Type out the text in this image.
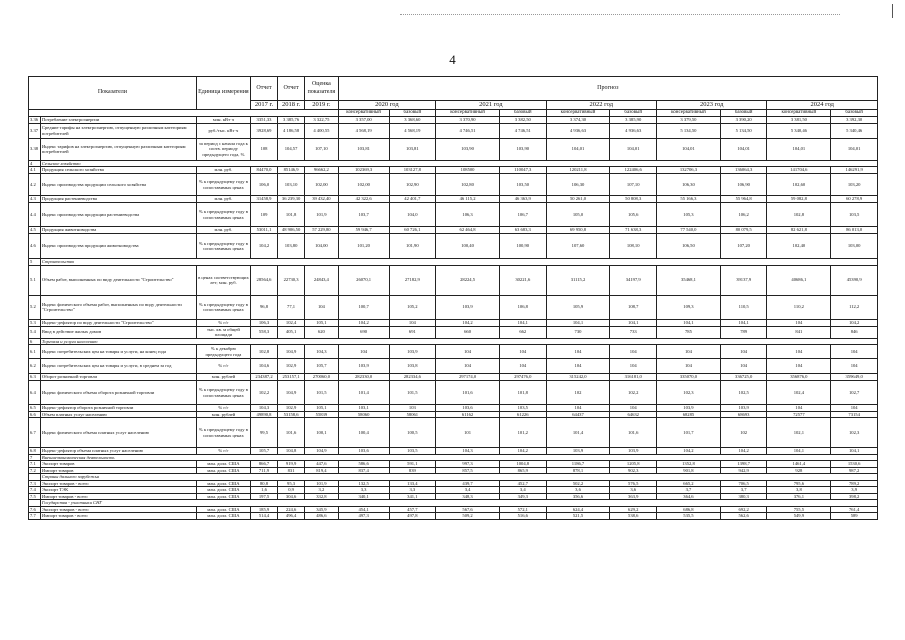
4
Показатели		Единица измерения	Отчет	Отчет	Оценка показателя	Прогноз									

			2017 г.	2018 г.	2019 г.	2020 год		2021 год		2022 год		2023 год		2024 год	
						консервативный	базовый	консервативный	базовый	консервативный	базовый	консервативный	базовый	консервативный	базовый
3.36	Потребление электроэнергии	млн. кВт·ч	3351,33	3 385,76	3 322,75	3 357,00	3 368,60	3 370,90	3 382,50	3 374,30	3 385,90	3 379,50	3 390,20	3 381,50	3 392,30
3.37	Средние тарифы на электроэнергию, отпущенную различным категориям потребителей	руб./тыс. кВт·ч	3928,69	4 186,58	4 400,55	4 568,19	4 568,19	4 746,51	4 746,51	4 936,63	4 936,63	5 134,50	5 134,50	5 340,46	5 340,46
3.38	Индекс тарифов на электроэнергию, отпущенную различным категориям потребителей	за период с начала года к соотв. периоду предыдущего года, %	108	104,57	107,10	103,81	103,81	103,90	103,90	104,01	104,01	104,01	104,01	104,01	104,01
4	Сельское хозяйство														
4.1	Продукция сельского хозяйства	млн. руб.	84470,0	85146,9	96662,2	102369,3	103127,8	108500	110047,3	120211,8	122406,6	132706,3	136064,3	141704,6	146291,9
4.2	Индекс производства продукции сельского хозяйства	% к предыдущему году в сопоставимых ценах	106,0	103,10	102,00	102,00	102,90	102,80	103,50	106,30	107,10	106,30	106,90	102,60	103,20
4.3	Продукция растениеводства	млн. руб.	31458,9	36 239,30	39 432,40	42 322,6	42 401,7	46 115,2	46 363,9	50 261,0	50 808,3	55 166,3	55 964,8	59 082,8	60 278,9
4.4	Индекс производства продукции растениеводства	% к предыдущему году в сопоставимых ценах	109	101,8	101,9	103,7	104,0	106,3	106,7	105,0	105,6	105,3	106,2	102,8	103,5
4.5	Продукция животноводства	млн. руб.	53011,1	48 906,50	57 229,80	59 946,7	60 726,1	62 464,8	63 683,3	69 950,8	71 638,3	77 540,0	80 079,5	82 621,8	86 013,0
4.6	Индекс производства продукции животноводства	% к предыдущему году в сопоставимых ценах	104,2	103,80	104,00	101,20	101,90	100,40	100,90	107,60	108,10	106,50	107,20	102,40	103,00
5	Строительство														
5.1	Объем работ, выполненных по виду деятельности "Строительство"	в ценах соответствующих лет; млн. руб.	28564,6	22730,3	24843,4	26070,1	27182,9	28224,5	30221,6	31115,2	34197,9	35468,1	39137,9	40686,1	45390,9
5.2	Индекс физического объема работ, выполненных по виду деятельности "Строительство"	% к предыдущему году в сопоставимых ценах	96,8	77,1	104	100,7	105,2	103,9	106,8	105,9	108,7	109,3	110,5	110,2	112,2
5.3	Индекс-дефлятор по виду деятельности "Строительство"	% г/г	106,3	102,4	105,1	104,2	104	104,2	104,1	104,1	104,1	104,1	104,1	104	104,2
5.4	Ввод в действие жилых домов	тыс. кв. м общей площади	558,3	405,1	620	690	691	660	662	730	733	785	789	841	846
6	Торговля и услуги населению														
6.1	Индекс потребительских цен на товары и услуги, на конец года	% к декабрю предыдущего года	102,8	104,9	104,3	104	103,9	104	104	104	104	104	104	104	104
6.2	Индекс потребительских цен на товары и услуги, в среднем за год	% г/г	104,6	102,9	105,7	103,9	103,8	104	104	104	104	104	104	104	104
6.3	Оборот розничной торговли	млн. рублей	234387,2	253157,1	270060,0	282330,0	282334,6	297174,0	297476,0	315242,0	316181,0	335070,0	336725,0	356876,0	359649,0
6.4	Индекс физического объема оборота розничной торговли	% к предыдущему году в сопоставимых ценах	102,2	104,9	101,5	101,4	101,5	101,6	101,8	102	102,2	102,3	102,5	102,4	102,7
6.5	Индекс-дефлятор оборота розничной торговли	% г/г	104,3	102,9	105,1	103,1	103	103,6	103,5	104	104	103,9	103,9	104	104
6.6	Объем платных услуг населению	млн. рублей	49890,8	53158,6	55839	58060	58061	61162	61226	64437	64632	68285	68693	72577	73154
6.7	Индекс физического объема платных услуг населению	% к предыдущему году в сопоставимых ценах	99,5	101,6	100,1	100,4	100,5	101	101,2	101,4	101,6	101,7	102	102,1	102,3
6.8	Индекс-дефлятор объема платных услуг населению	% г/г	105,7	104,8	104,9	103,6	103,5	104,3	104,2	103,9	103,9	104,2	104,2	104,1	104,1
7	Внешнеэкономическая деятельность														
7.1	Экспорт товаров	млн. долл. США	866,7	919,9	447,6	586,6	591,1	997,3	1004,8	1186,7	1205,8	1352,8	1398,7	1461,4	1530,6
7.2	Импорт товаров	млн. долл. США	711,9	831	819,4	837,4	839	857,5	865,9	878,1	902,3	901,8	942,9	928	987,2
	Страны дальнего зарубежья														
7.3	Экспорт товаров - всего	млн. долл. США	80,8	95,3	101,9	132,5	133,4	439,7	452,7	502,2	576,5	665,2	706,5	795,6	789,2
7.4	Экспорт ТЭК	млн. долл. США	1,6	0,9	3,2	3,3	3,3	3,4	3,4	3,6	3,6	3,7	3,7	3,8	3,9
7.5	Импорт товаров - всего	млн. долл. США	197,5	304,6	332,8	340,1	341,1	348,3	349,3	356,6	363,9	364,6	380,3	376,1	398,2
	Государства - участники СНГ														
7.6	Экспорт товаров - всего	млн. долл. США	185,9	224,6	345,9	454,1	457,7	567,6	572,1	624,4	629,2	686,8	692,2	755,5	761,4
7.7	Импорт товаров - всего	млн. долл. США	514,4	496,4	486,6	497,3	497,8	509,2	516,6	521,5	538,6	535,5	562,6	549,9	589
